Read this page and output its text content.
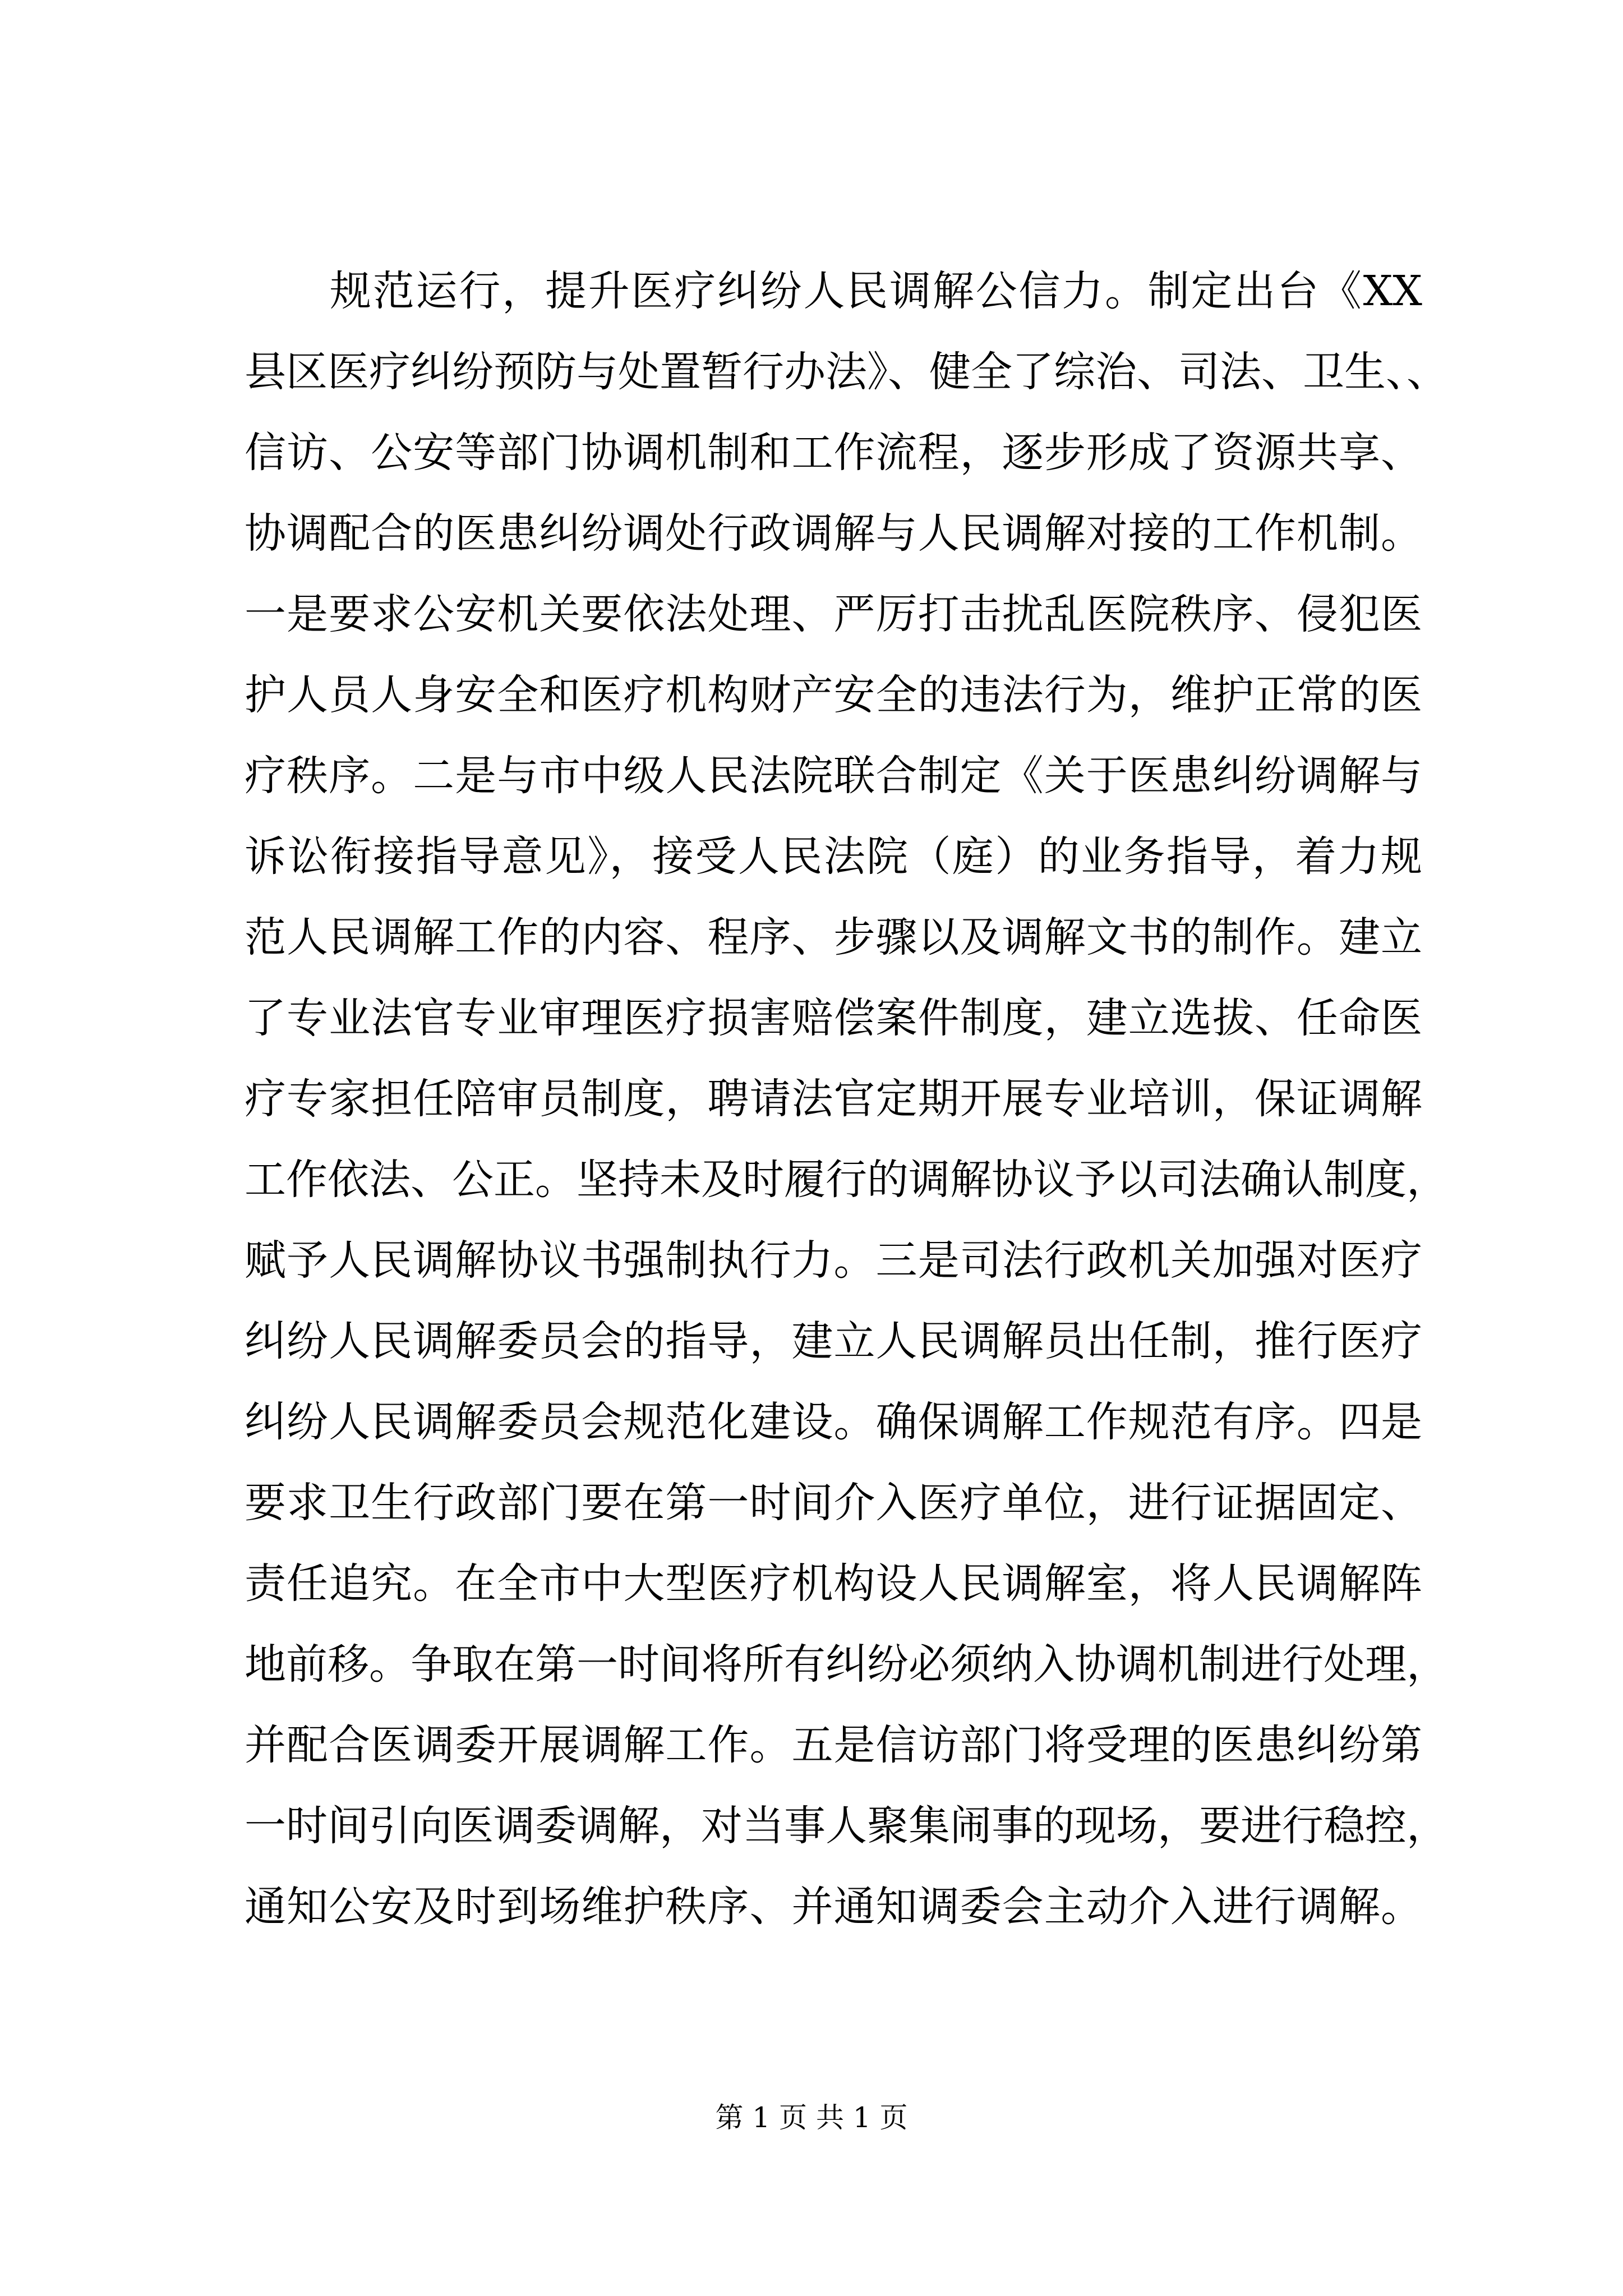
规范运行，提升医疗纠纷人民调解公信力。制定出台《XX
县区医疗纠纷预防与处置暂行办法》、健全了综治、司法、卫生、、
信访、公安等部门协调机制和工作流程，逐步形成了资源共享、
协调配合的医患纠纷调处行政调解与人民调解对接的工作机制。
一是要求公安机关要依法处理、严厉打击扰乱医院秩序、侵犯医
护人员人身安全和医疗机构财产安全的违法行为，维护正常的医
疗秩序。二是与市中级人民法院联合制定《关于医患纠纷调解与
诉讼衔接指导意见》，接受人民法院（庭）的业务指导，着力规
范人民调解工作的内容、程序、步骤以及调解文书的制作。建立
了专业法官专业审理医疗损害赔偿案件制度，建立选拔、任命医
疗专家担任陪审员制度，聘请法官定期开展专业培训，保证调解
工作依法、公正。坚持未及时履行的调解协议予以司法确认制度，
赋予人民调解协议书强制执行力。三是司法行政机关加强对医疗
纠纷人民调解委员会的指导，建立人民调解员出任制，推行医疗
纠纷人民调解委员会规范化建设。确保调解工作规范有序。四是
要求卫生行政部门要在第一时间介入医疗单位，进行证据固定、
责任追究。在全市中大型医疗机构设人民调解室，将人民调解阵
地前移。争取在第一时间将所有纠纷必须纳入协调机制进行处理，
并配合医调委开展调解工作。五是信访部门将受理的医患纠纷第
一时间引向医调委调解，对当事人聚集闹事的现场，要进行稳控，
通知公安及时到场维护秩序、并通知调委会主动介入进行调解。
第 1 页 共 1 页
